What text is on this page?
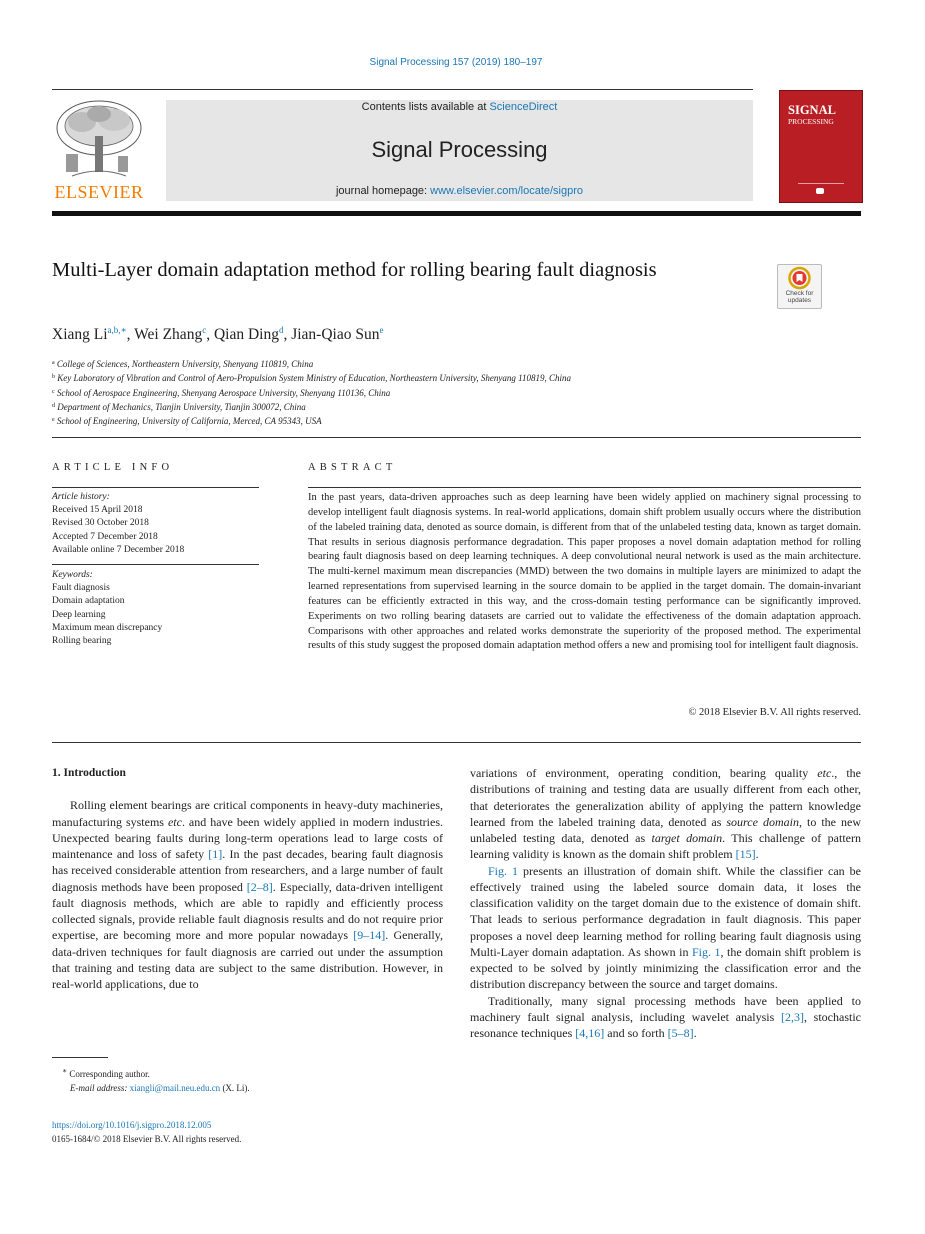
Signal Processing 157 (2019) 180–197
ELSEVIER
Contents lists available at ScienceDirect
Signal Processing
journal homepage: www.elsevier.com/locate/sigpro
SIGNAL
PROCESSING
Multi-Layer domain adaptation method for rolling bearing fault diagnosis
Check for
updates
Xiang $Li^{a,b,∗}$, Wei Zhang$^c$, Qian Ding$^d$, Jian-Qiao Sun$^e$
$^a$ College of Sciences, Northeastern University, Shenyang 110819, China
$^b$ Key Laboratory of Vibration and Control of Aero-Propulsion System Ministry of Education, Northeastern University, Shenyang 110819, China
$^c$ School of Aerospace Engineering, Shenyang Aerospace University, Shenyang 110136, China
$^d$ Department of Mechanics, Tianjin University, Tianjin 300072, China
$^e$ School of Engineering, University of California, Merced, CA 95343, USA
ARTICLE INFO
Article history:
Received 15 April 2018
Revised 30 October 2018
Accepted 7 December 2018
Available online 7 December 2018
Keywords:
Fault diagnosis
Domain adaptation
Deep learning
Maximum mean discrepancy
Rolling bearing
ABSTRACT
In the past years, data-driven approaches such as deep learning have been widely applied on machinery signal processing to develop intelligent fault diagnosis systems. In real-world applications, domain shift problem usually occurs where the distribution of the labeled training data, denoted as source domain, is different from that of the unlabeled testing data, known as target domain. That results in serious diagnosis performance degradation. This paper proposes a novel domain adaptation method for rolling bearing fault diagnosis based on deep learning techniques. A deep convolutional neural network is used as the main architecture. The multi-kernel maximum mean discrepancies (MMD) between the two domains in multiple layers are minimized to adapt the learned representations from supervised learning in the source domain to be applied in the target domain. The domain-invariant features can be efficiently extracted in this way, and the cross-domain testing performance can be significantly improved. Experiments on two rolling bearing datasets are carried out to validate the effectiveness of the domain adaptation approach. Comparisons with other approaches and related works demonstrate the superiority of the proposed method. The experimental results of this study suggest the proposed domain adaptation method offers a new and promising tool for intelligent fault diagnosis.
© 2018 Elsevier B.V. All rights reserved.
1. Introduction

Rolling element bearings are critical components in heavy-duty machineries, manufacturing systems etc. and have been widely applied in modern industries. Unexpected bearing faults during long-term operations lead to large costs of maintenance and loss of safety [1]. In the past decades, bearing fault diagnosis has received considerable attention from researchers, and a large number of fault diagnosis methods have been proposed [2–8]. Especially, data-driven intelligent fault diagnosis methods, which are able to rapidly and efficiently process collected signals, provide reliable fault diagnosis results and do not require prior expertise, are becoming more and more popular nowadays [9–14]. Generally, data-driven techniques for fault diagnosis are carried out under the assumption that training and testing data are subject to the same distribution. However, in real-world applications, due to

∗ Corresponding author.
E-mail address: xiangli@mail.neu.edu.cn (X. Li).

variations of environment, operating condition, bearing quality etc., the distributions of training and testing data are usually different from each other, that deteriorates the generalization ability of applying the pattern knowledge learned from the labeled training data, denoted as source domain, to the new unlabeled testing data, denoted as target domain. This challenge of pattern learning validity is known as the domain shift problem [15].

Fig. 1 presents an illustration of domain shift. While the classifier can be effectively trained using the labeled source domain data, it loses the classification validity on the target domain due to the existence of domain shift. That leads to serious performance degradation in fault diagnosis. This paper proposes a novel deep learning method for rolling bearing fault diagnosis using Multi-Layer domain adaptation. As shown in Fig. 1, the domain shift problem is expected to be solved by jointly minimizing the classification error and the distribution discrepancy between the source and target domains.

Traditionally, many signal processing methods have been applied to machinery fault signal analysis, including wavelet analysis [2,3], stochastic resonance techniques [4,16] and so forth [5–8].

https://doi.org/10.1016/j.sigpro.2018.12.005
0165-1684/© 2018 Elsevier B.V. All rights reserved.
